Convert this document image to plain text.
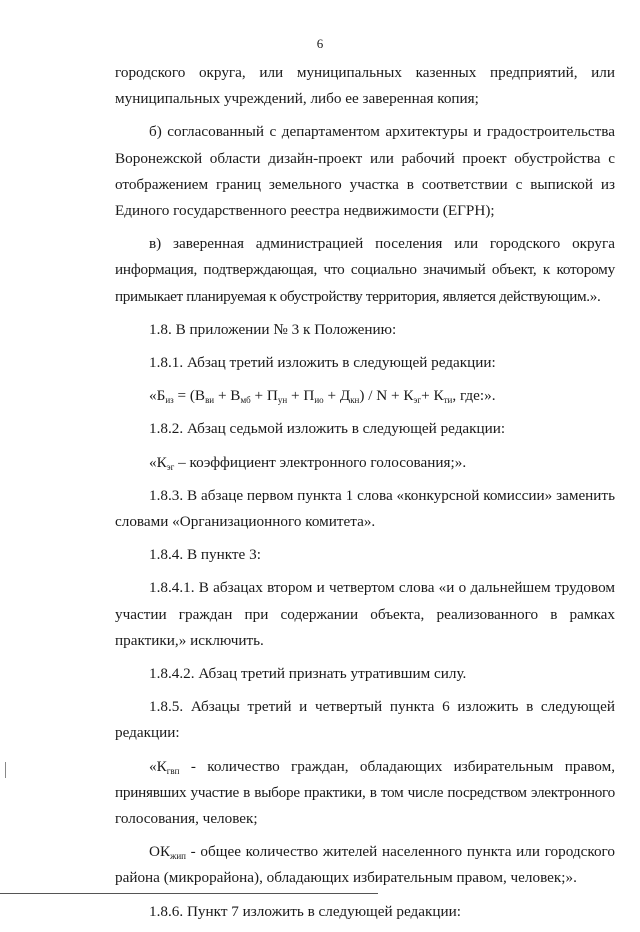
6

городского округа, или муниципальных казенных предприятий, или
муниципальных учреждений, либо ее заверенная копия;

б) согласованный с департаментом архитектуры и градостроительства
Воронежской области дизайн-проект или рабочий проект обустройства с
отображением границ земельного участка в соответствии с выпиской из
Единого государственного реестра недвижимости (ЕГРН);

в) заверенная администрацией поселения или городского округа
информация, подтверждающая, что социально значимый объект, к которому
примыкает планируемая к обустройству территория, является действующим.».

1.8. В приложении № 3 к Положению:

1.8.1. Абзац третий изложить в следующей редакции:

«$Б_{из} = (В_{ви} + В_{мб} + П_{ун} + П_{ио} + Д_{кн}) / N + К_{эг}+ К_{ти}$, где:».

1.8.2. Абзац седьмой изложить в следующей редакции:

«$К_{эг}$ – коэффициент электронного голосования;».

1.8.3. В абзаце первом пункта 1 слова «конкурсной комиссии» заменить
словами «Организационного комитета».

1.8.4. В пункте 3:

1.8.4.1. В абзацах втором и четвертом слова «и о дальнейшем трудовом
участии граждан при содержании объекта, реализованного в рамках
практики,» исключить.

1.8.4.2. Абзац третий признать утратившим силу.

1.8.5. Абзацы третий и четвертый пункта 6 изложить в следующей
редакции:

«$К_{гвп}$ - количество граждан, обладающих избирательным правом,
принявших участие в выборе практики, в том числе посредством электронного
голосования, человек;

$ОК_{жип}$ - общее количество жителей населенного пункта или городского
района (микрорайона), обладающих избирательным правом, человек;».

1.8.6. Пункт 7 изложить в следующей редакции:
